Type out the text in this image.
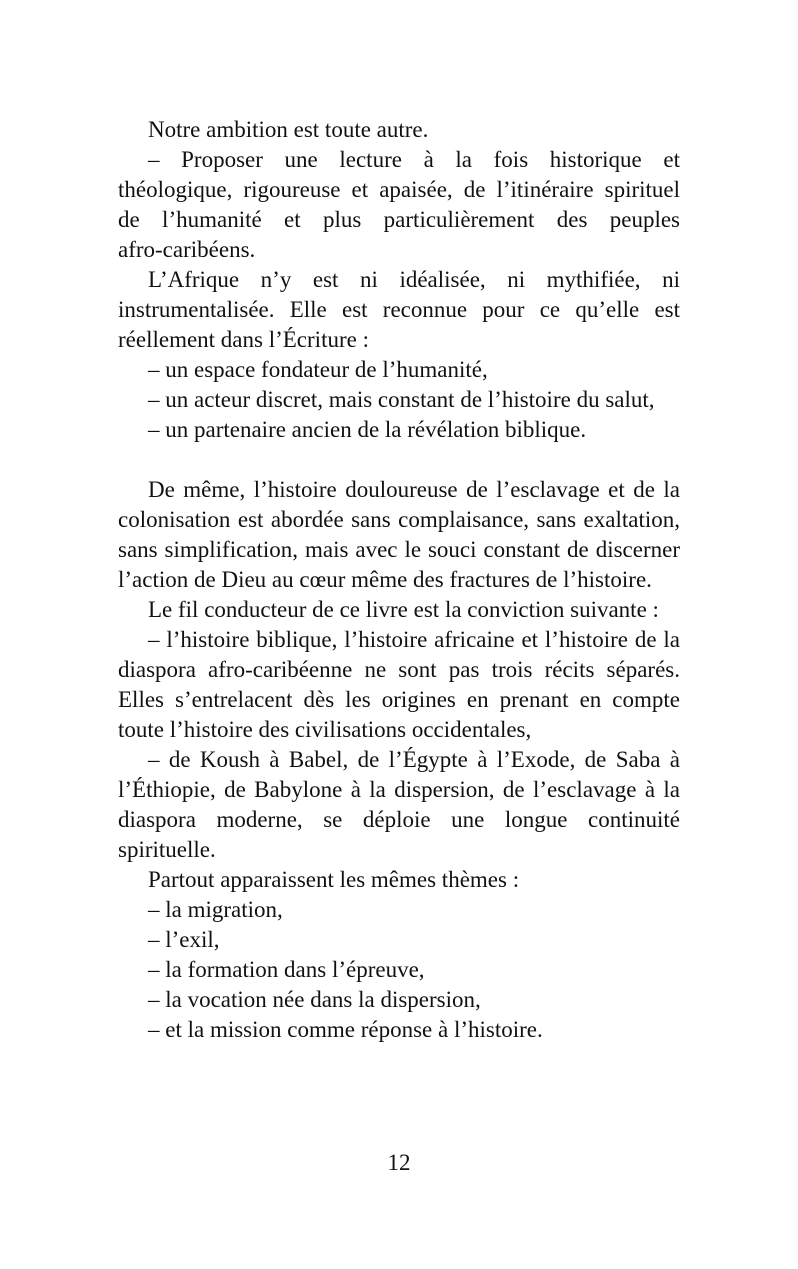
Notre ambition est toute autre.
– Proposer une lecture à la fois historique et
théologique, rigoureuse et apaisée, de l’itinéraire spirituel
de l’humanité et plus particulièrement des peuples
afro-caribéens.
L’Afrique n’y est ni idéalisée, ni mythifiée, ni
instrumentalisée. Elle est reconnue pour ce qu’elle est
réellement dans l’Écriture :
– un espace fondateur de l’humanité,
– un acteur discret, mais constant de l’histoire du salut,
– un partenaire ancien de la révélation biblique.
De même, l’histoire douloureuse de l’esclavage et de la
colonisation est abordée sans complaisance, sans exaltation,
sans simplification, mais avec le souci constant de discerner
l’action de Dieu au cœur même des fractures de l’histoire.
Le fil conducteur de ce livre est la conviction suivante :
– l’histoire biblique, l’histoire africaine et l’histoire de la
diaspora afro-caribéenne ne sont pas trois récits séparés.
Elles s’entrelacent dès les origines en prenant en compte
toute l’histoire des civilisations occidentales,
– de Koush à Babel, de l’Égypte à l’Exode, de Saba à
l’Éthiopie, de Babylone à la dispersion, de l’esclavage à la
diaspora moderne, se déploie une longue continuité
spirituelle.
Partout apparaissent les mêmes thèmes :
– la migration,
– l’exil,
– la formation dans l’épreuve,
– la vocation née dans la dispersion,
– et la mission comme réponse à l’histoire.
12
